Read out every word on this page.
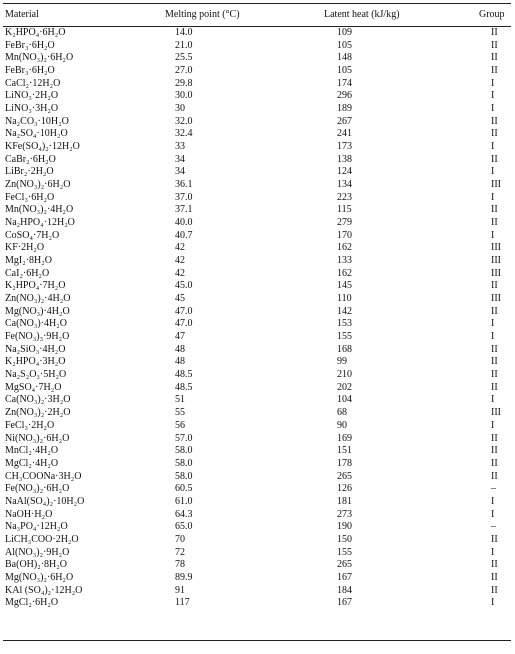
Material	Melting point (°C)	Latent heat (kJ/kg)	Group
K₂HPO₄·6H₂O	14.0	109	II
FeBr₃·6H₂O	21.0	105	II
Mn(NO₃)₂·6H₂O	25.5	148	II
FeBr₃·6H₂O	27.0	105	II
CaCl₂·12H₂O	29.8	174	I
LiNO₃·2H₂O	30.0	296	I
LiNO₃·3H₂O	30	189	I
Na₂CO₃·10H₂O	32.0	267	II
Na₂SO₄·10H₂O	32.4	241	II
KFe(SO₄)₂·12H₂O	33	173	I
CaBr₂·6H₂O	34	138	II
LiBr₂·2H₂O	34	124	I
Zn(NO₃)₂·6H₂O	36.1	134	III
FeCl₃·6H₂O	37.0	223	I
Mn(NO₃)₂·4H₂O	37.1	115	II
Na₂HPO₄·12H₂O	40.0	279	II
CoSO₄·7H₂O	40.7	170	I
KF·2H₂O	42	162	III
MgI₂·8H₂O	42	133	III
CaI₂·6H₂O	42	162	III
K₂HPO₄·7H₂O	45.0	145	II
Zn(NO₃)₂·4H₂O	45	110	III
Mg(NO₃)·4H₂O	47.0	142	II
Ca(NO₃)·4H₂O	47.0	153	I
Fe(NO₃)₃·9H₂O	47	155	I
Na₂SiO₃·4H₂O	48	168	II
K₂HPO₄·3H₂O	48	99	II
Na₂S₂O₃·5H₂O	48.5	210	II
MgSO₄·7H₂O	48.5	202	II
Ca(NO₃)₂·3H₂O	51	104	I
Zn(NO₃)₂·2H₂O	55	68	III
FeCl₃·2H₂O	56	90	I
Ni(NO₃)₂·6H₂O	57.0	169	II
MnCl₂·4H₂O	58.0	151	II
MgCl₂·4H₂O	58.0	178	II
CH₃COONa·3H₂O	58.0	265	II
Fe(NO₃)₂·6H₂O	60.5	126	–
NaAl(SO₄)₂·10H₂O	61.0	181	I
NaOH·H₂O	64.3	273	I
Na₃PO₄·12H₂O	65.0	190	–
LiCH₃COO·2H₂O	70	150	II
Al(NO₃)₂·9H₂O	72	155	I
Ba(OH)₂·8H₂O	78	265	II
Mg(NO₃)₂·6H₂O	89.9	167	II
KAl (SO₄)₂·12H₂O	91	184	II
MgCl₂·6H₂O	117	167	I
